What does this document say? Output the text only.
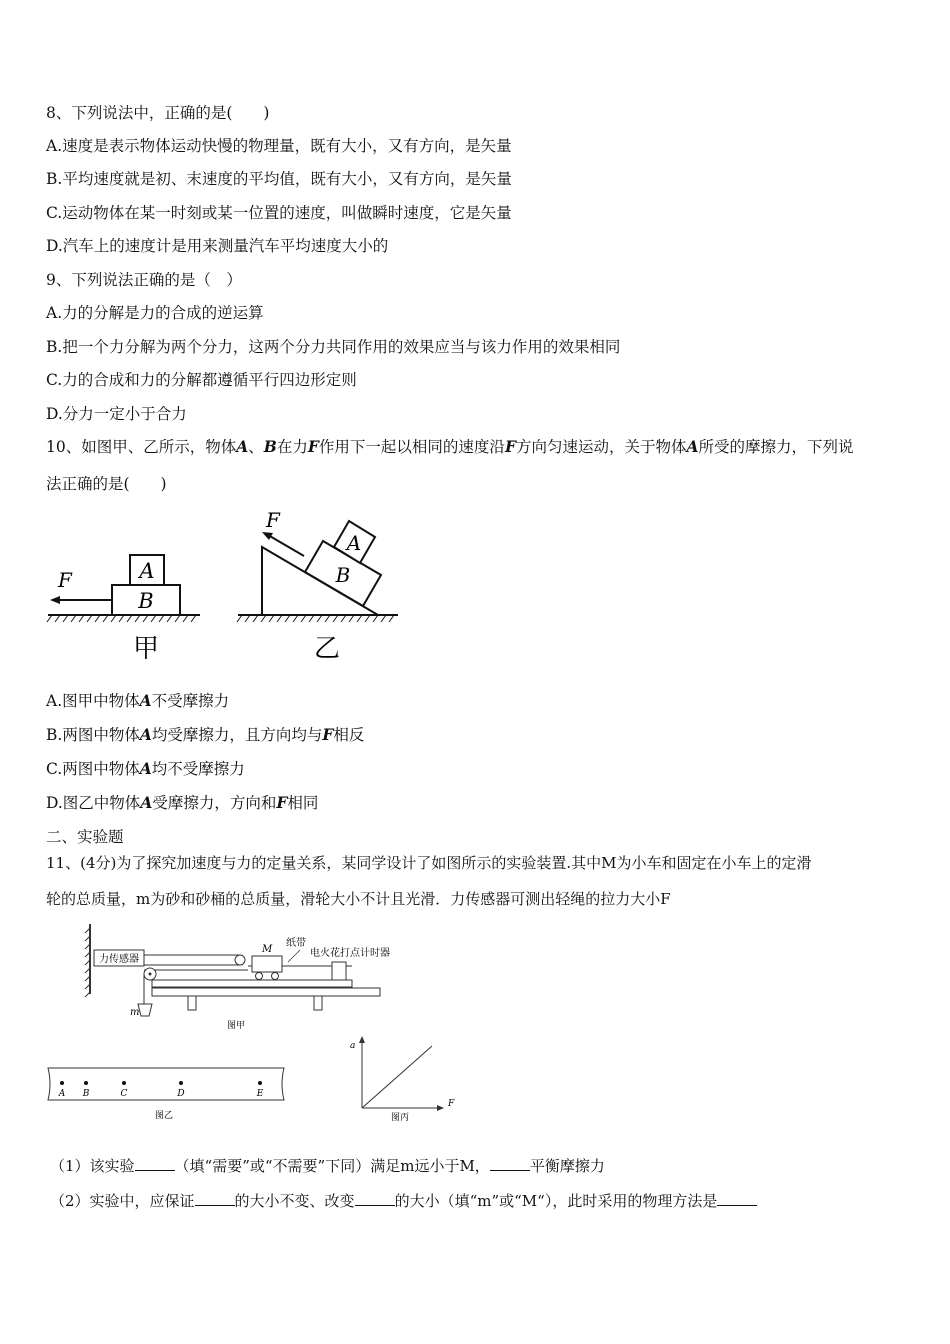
8、下列说法中，正确的是(　　)
A.速度是表示物体运动快慢的物理量，既有大小，又有方向，是矢量
B.平均速度就是初、末速度的平均值，既有大小，又有方向，是矢量
C.运动物体在某一时刻或某一位置的速度，叫做瞬时速度，它是矢量
D.汽车上的速度计是用来测量汽车平均速度大小的
9、下列说法正确的是（　）
A.力的分解是力的合成的逆运算
B.把一个力分解为两个分力，这两个分力共同作用的效果应当与该力作用的效果相同
C.力的合成和力的分解都遵循平行四边形定则
D.分力一定小于合力
10、如图甲、乙所示，物体A、B在力F作用下一起以相同的速度沿F方向匀速运动，关于物体A所受的摩擦力，下列说
法正确的是(　　)
A
B
F
甲
A
B
F
乙
A.图甲中物体A不受摩擦力
B.两图中物体A均受摩擦力，且方向均与F相反
C.两图中物体A均不受摩擦力
D.图乙中物体A受摩擦力，方向和F相同
二、实验题
11、(4分)为了探究加速度与力的定量关系，某同学设计了如图所示的实验装置.其中M为小车和固定在小车上的定滑
轮的总质量，m为砂和砂桶的总质量，滑轮大小不计且光滑．力传感器可测出轻绳的拉力大小F
力传感器
M
纸带
电火花打点计时器
m
图甲
A B	C	D	E
图乙
a
F
图丙
（1）该实验	（填“需要”或“不需要”下同）满足m远小于M，	平衡摩擦力
（2）实验中，应保证	的大小不变、改变	的大小（填“m”或“M“），此时采用的物理方法是
